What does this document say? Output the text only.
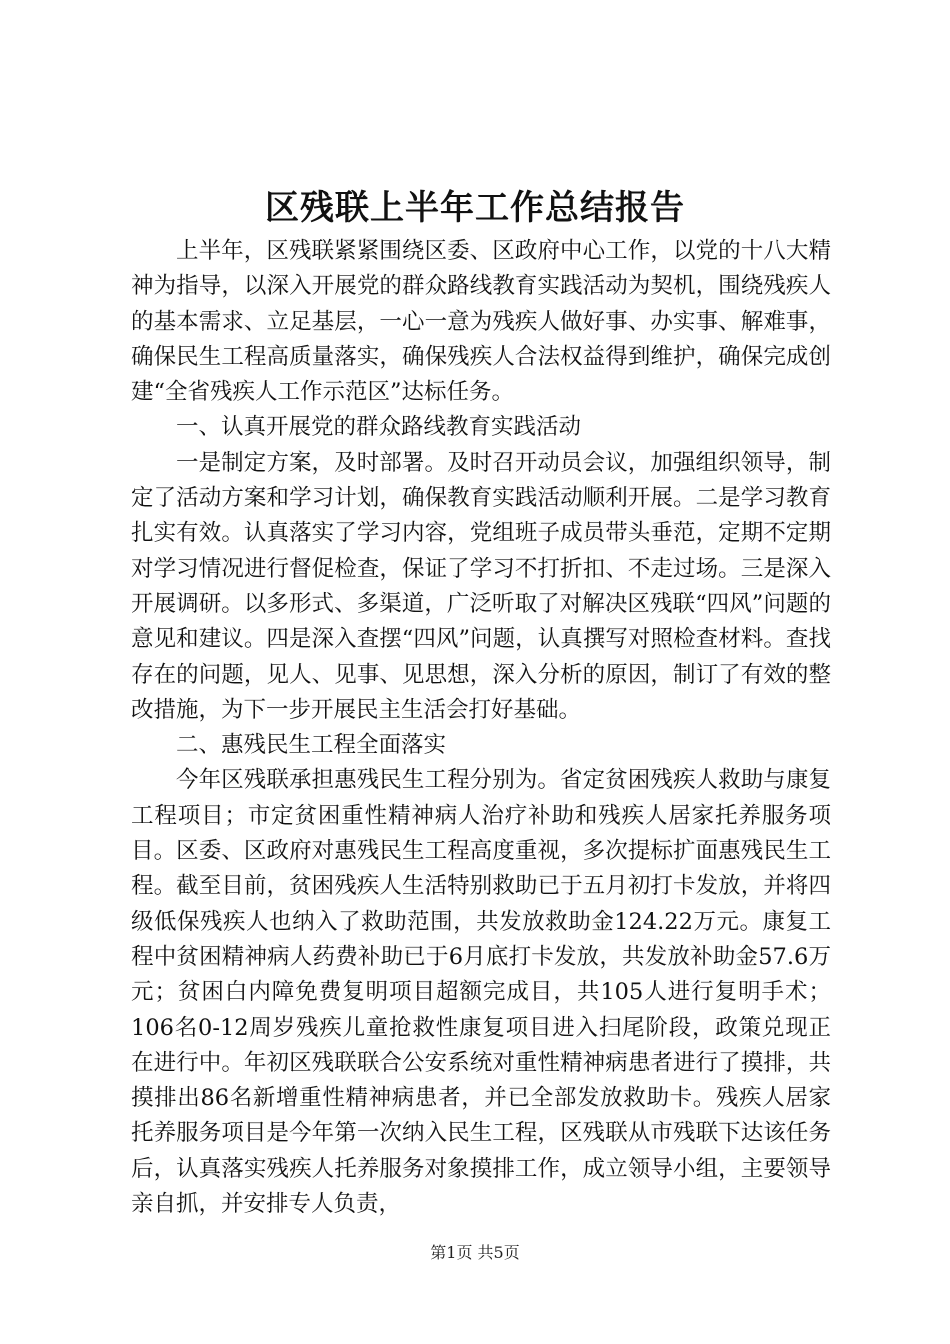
区残联上半年工作总结报告

上半年，区残联紧紧围绕区委、区政府中心工作，以党的十八大精神为指导，以深入开展党的群众路线教育实践活动为契机，围绕残疾人的基本需求、立足基层，一心一意为残疾人做好事、办实事、解难事，确保民生工程高质量落实，确保残疾人合法权益得到维护，确保完成创建“全省残疾人工作示范区”达标任务。

一、认真开展党的群众路线教育实践活动

一是制定方案，及时部署。及时召开动员会议，加强组织领导，制定了活动方案和学习计划，确保教育实践活动顺利开展。二是学习教育扎实有效。认真落实了学习内容，党组班子成员带头垂范，定期不定期对学习情况进行督促检查，保证了学习不打折扣、不走过场。三是深入开展调研。以多形式、多渠道，广泛听取了对解决区残联“四风”问题的意见和建议。四是深入查摆“四风”问题，认真撰写对照检查材料。查找存在的问题，见人、见事、见思想，深入分析的原因，制订了有效的整改措施，为下一步开展民主生活会打好基础。

二、惠残民生工程全面落实

今年区残联承担惠残民生工程分别为。省定贫困残疾人救助与康复工程项目；市定贫困重性精神病人治疗补助和残疾人居家托养服务项目。区委、区政府对惠残民生工程高度重视，多次提标扩面惠残民生工程。截至目前，贫困残疾人生活特别救助已于五月初打卡发放，并将四级低保残疾人也纳入了救助范围，共发放救助金124.22万元。康复工程中贫困精神病人药费补助已于6月底打卡发放，共发放补助金57.6万元；贫困白内障免费复明项目超额完成目，共105人进行复明手术；106名0-12周岁残疾儿童抢救性康复项目进入扫尾阶段，政策兑现正在进行中。年初区残联联合公安系统对重性精神病患者进行了摸排，共摸排出86名新增重性精神病患者，并已全部发放救助卡。残疾人居家托养服务项目是今年第一次纳入民生工程，区残联从市残联下达该任务后，认真落实残疾人托养服务对象摸排工作，成立领导小组，主要领导亲自抓，并安排专人负责，

第1页 共5页
